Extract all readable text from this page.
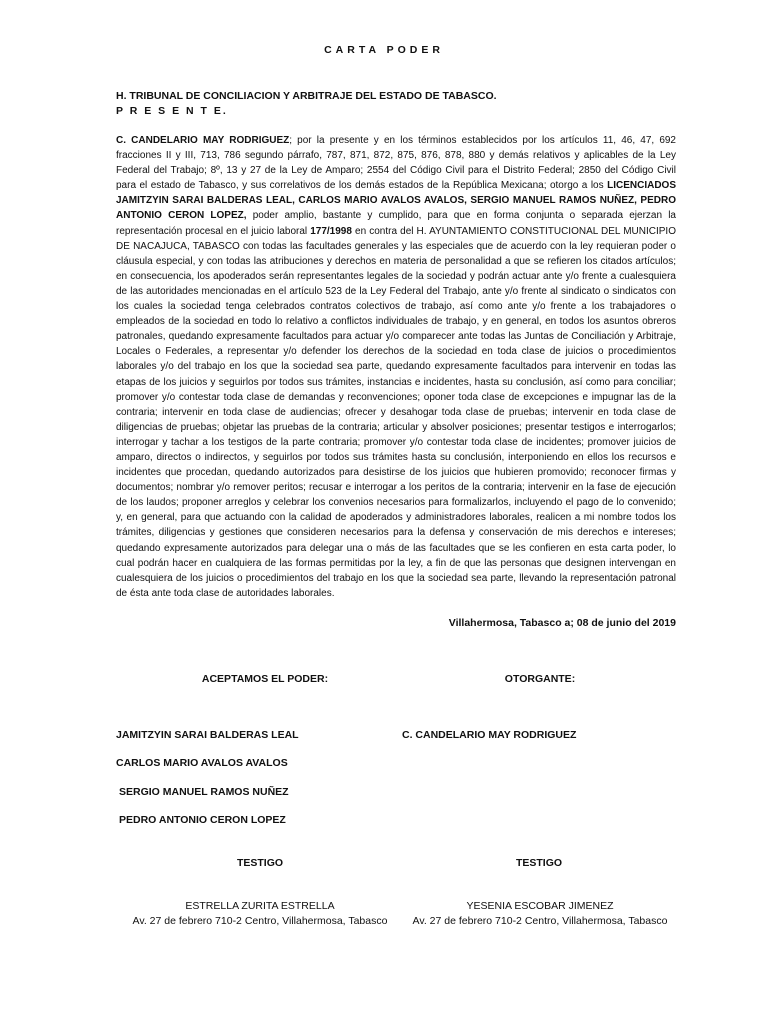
CARTA PODER
H. TRIBUNAL DE CONCILIACION Y ARBITRAJE DEL ESTADO DE TABASCO.
P R E S E N T E.

C. CANDELARIO MAY RODRIGUEZ; por la presente y en los términos establecidos por los artículos 11, 46, 47, 692 fracciones II y III, 713, 786 segundo párrafo, 787, 871, 872, 875, 876, 878, 880 y demás relativos y aplicables de la Ley Federal del Trabajo; 8º, 13 y 27 de la Ley de Amparo; 2554 del Código Civil para el Distrito Federal; 2850 del Código Civil para el estado de Tabasco, y sus correlativos de los demás estados de la República Mexicana; otorgo a los LICENCIADOS JAMITZYIN SARAI BALDERAS LEAL, CARLOS MARIO AVALOS AVALOS, SERGIO MANUEL RAMOS NUÑEZ, PEDRO ANTONIO CERON LOPEZ, poder amplio, bastante y cumplido, para que en forma conjunta o separada ejerzan la representación procesal en el juicio laboral 177/1998 en contra del H. AYUNTAMIENTO CONSTITUCIONAL DEL MUNICIPIO DE NACAJUCA, TABASCO con todas las facultades generales y las especiales que de acuerdo con la ley requieran poder o cláusula especial, y con todas las atribuciones y derechos en materia de personalidad a que se refieren los citados artículos; en consecuencia, los apoderados serán representantes legales de la sociedad y podrán actuar ante y/o frente a cualesquiera de las autoridades mencionadas en el artículo 523 de la Ley Federal del Trabajo, ante y/o frente al sindicato o sindicatos con los cuales la sociedad tenga celebrados contratos colectivos de trabajo, así como ante y/o frente a los trabajadores o empleados de la sociedad en todo lo relativo a conflictos individuales de trabajo, y en general, en todos los asuntos obreros patronales, quedando expresamente facultados para actuar y/o comparecer ante todas las Juntas de Conciliación y Arbitraje, Locales o Federales, a representar y/o defender los derechos de la sociedad en toda clase de juicios o procedimientos laborales y/o del trabajo en los que la sociedad sea parte, quedando expresamente facultados para intervenir en todas las etapas de los juicios y seguirlos por todos sus trámites, instancias e incidentes, hasta su conclusión, así como para conciliar; promover y/o contestar toda clase de demandas y reconvenciones; oponer toda clase de excepciones e impugnar las de la contraria; intervenir en toda clase de audiencias; ofrecer y desahogar toda clase de pruebas; intervenir en toda clase de diligencias de pruebas; objetar las pruebas de la contraria; articular y absolver posiciones; presentar testigos e interrogarlos; interrogar y tachar a los testigos de la parte contraria; promover y/o contestar toda clase de incidentes; promover juicios de amparo, directos o indirectos, y seguirlos por todos sus trámites hasta su conclusión, interponiendo en ellos los recursos e incidentes que procedan, quedando autorizados para desistirse de los juicios que hubieren promovido; reconocer firmas y documentos; nombrar y/o remover peritos; recusar e interrogar a los peritos de la contraria; intervenir en la fase de ejecución de los laudos; proponer arreglos y celebrar los convenios necesarios para formalizarlos, incluyendo el pago de lo convenido; y, en general, para que actuando con la calidad de apoderados y administradores laborales, realicen a mi nombre todos los trámites, diligencias y gestiones que consideren necesarios para la defensa y conservación de mis derechos e intereses; quedando expresamente autorizados para delegar una o más de las facultades que se les confieren en esta carta poder, lo cual podrán hacer en cualquiera de las formas permitidas por la ley, a fin de que las personas que designen intervengan en cualesquiera de los juicios o procedimientos del trabajo en los que la sociedad sea parte, llevando la representación patronal de ésta ante toda clase de autoridades laborales.

Villahermosa, Tabasco a; 08 de junio del 2019
ACEPTAMOS EL PODER:	OTORGANTE:
JAMITZYIN SARAI BALDERAS LEAL
CARLOS MARIO AVALOS AVALOS
SERGIO MANUEL RAMOS NUÑEZ
PEDRO ANTONIO CERON LOPEZ
C. CANDELARIO MAY RODRIGUEZ
TESTIGO	TESTIGO
ESTRELLA ZURITA ESTRELLA	YESENIA ESCOBAR JIMENEZ
Av. 27 de febrero 710-2 Centro, Villahermosa, Tabasco	Av. 27 de febrero 710-2 Centro, Villahermosa, Tabasco
